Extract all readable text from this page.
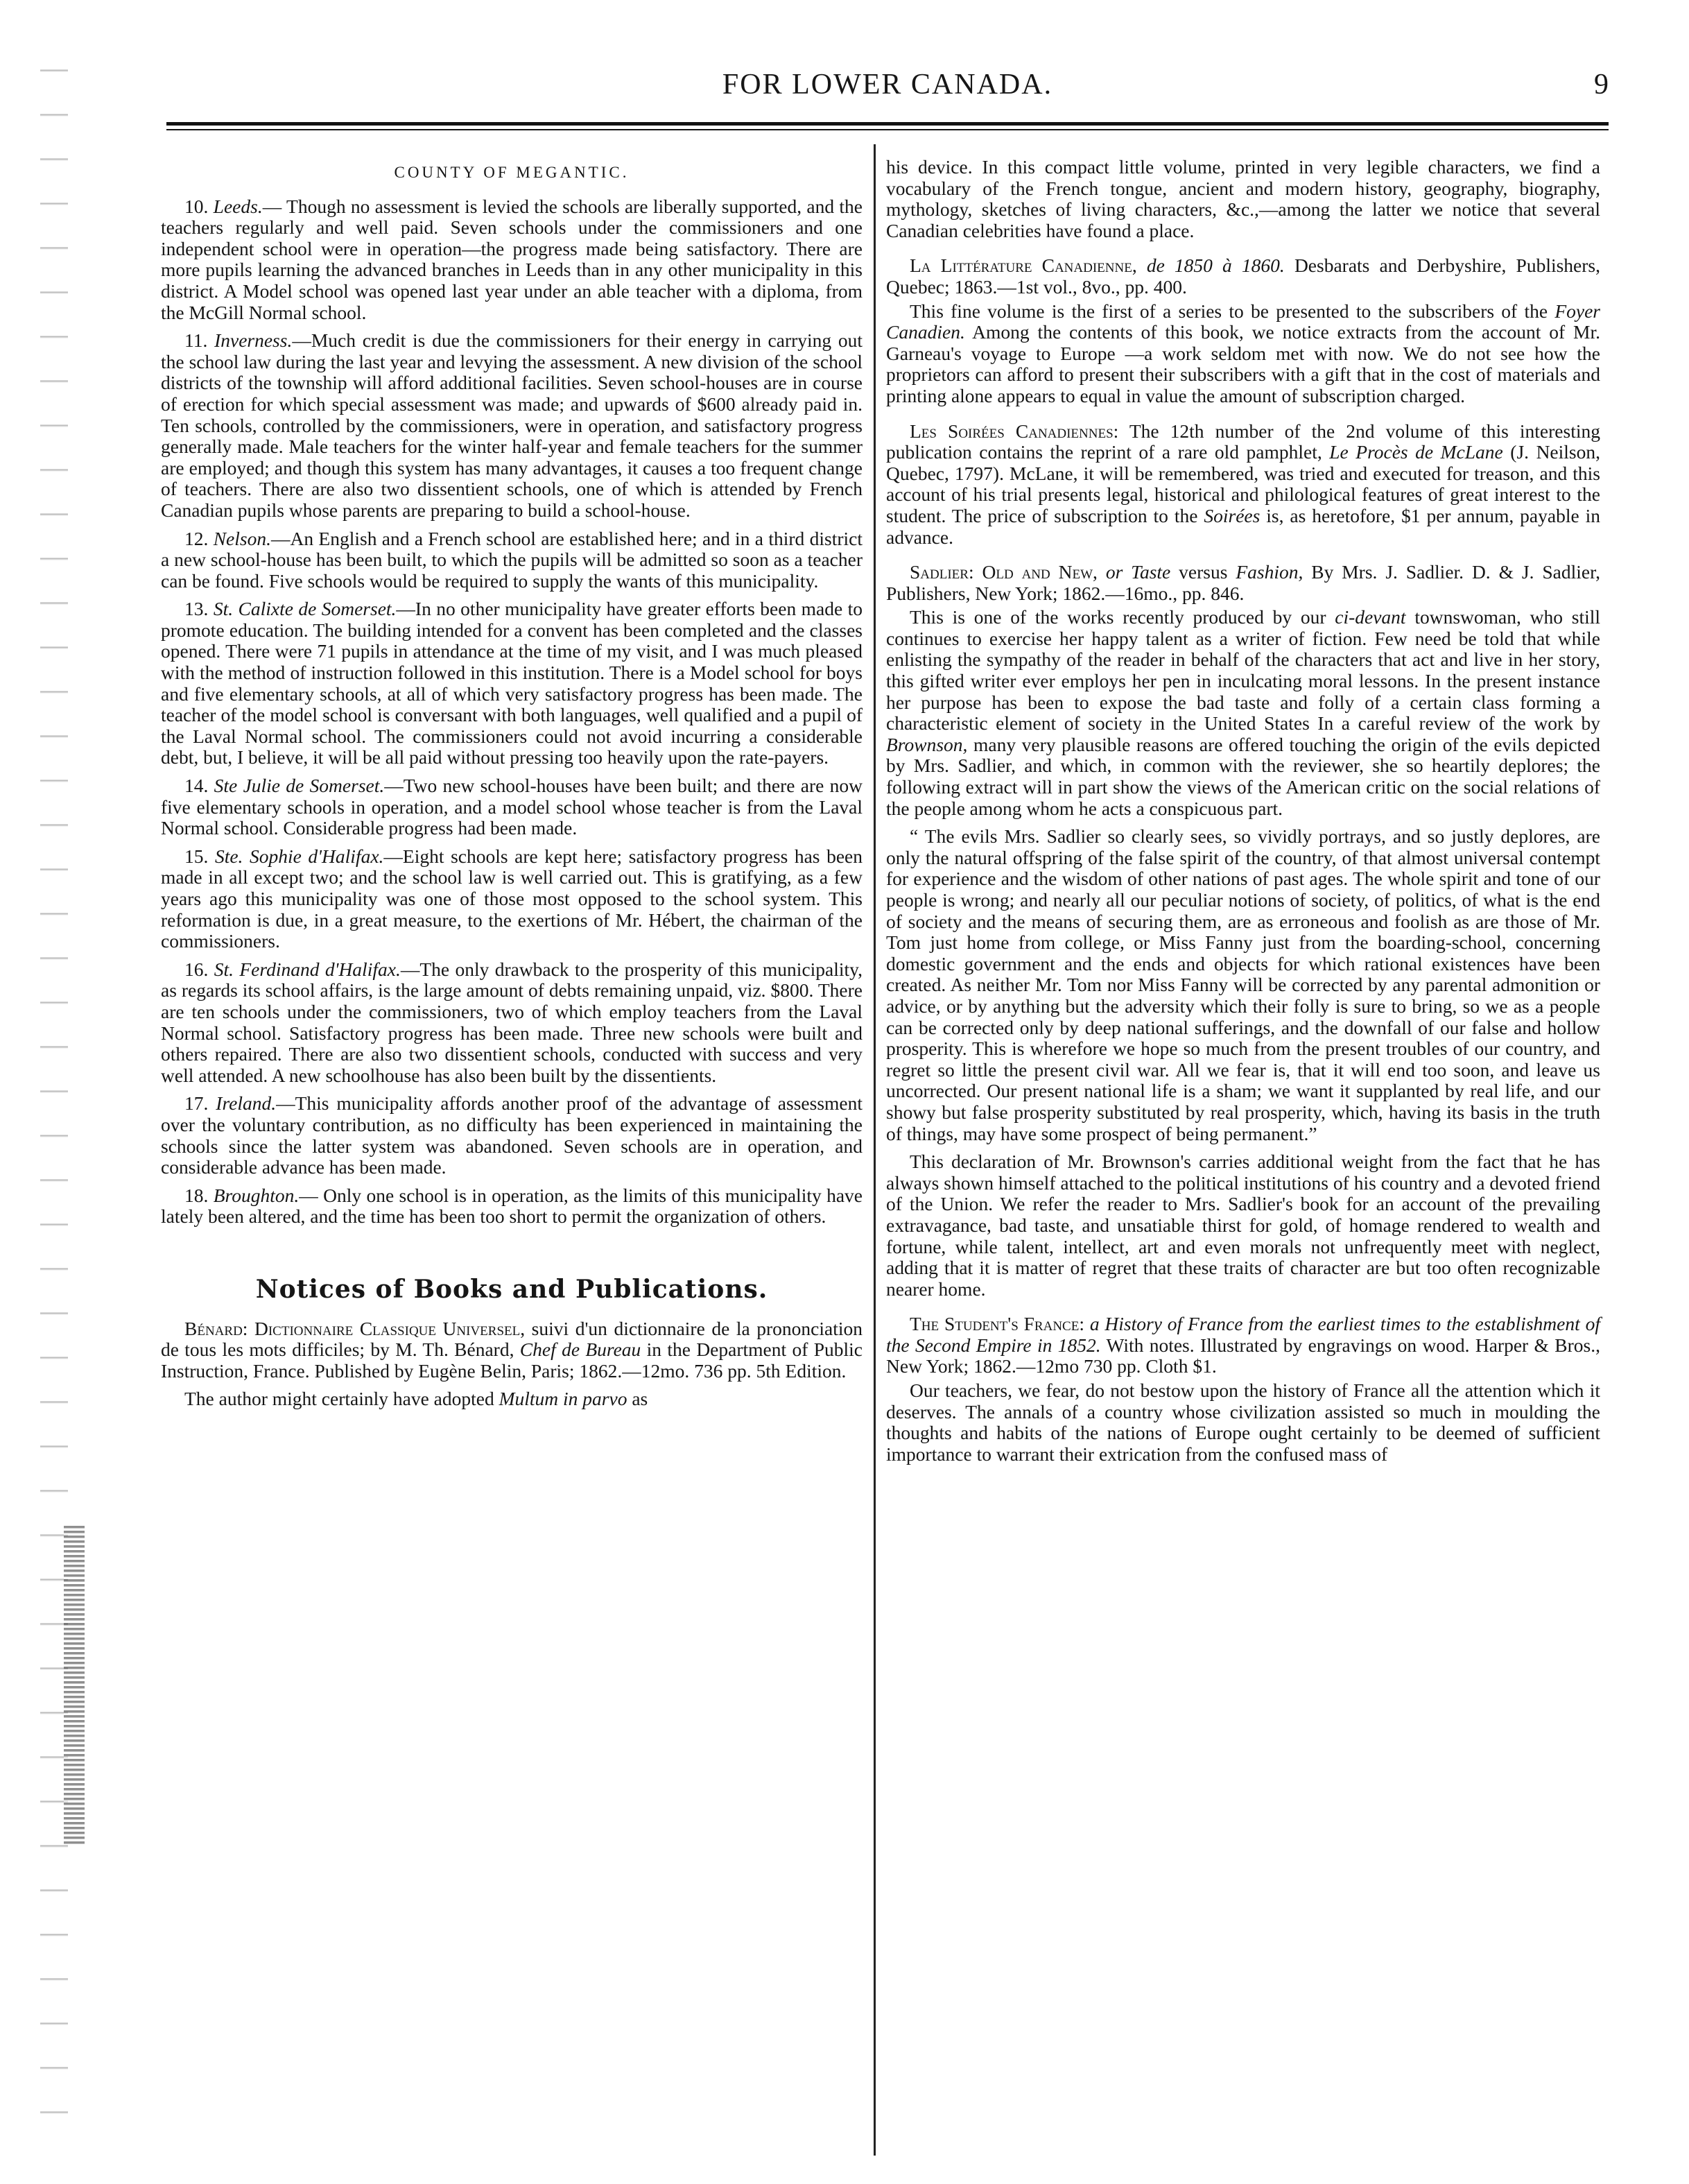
FOR LOWER CANADA.	9
COUNTY OF MEGANTIC.

10. Leeds.— Though no assessment is levied the schools are liberally supported, and the teachers regularly and well paid. Seven schools under the commissioners and one independent school were in operation—the progress made being satisfactory. There are more pupils learning the advanced branches in Leeds than in any other municipality in this district. A Model school was opened last year under an able teacher with a diploma, from the McGill Normal school.

11. Inverness.—Much credit is due the commissioners for their energy in carrying out the school law during the last year and levying the assessment. A new division of the school districts of the township will afford additional facilities. Seven school-houses are in course of erection for which special assessment was made; and upwards of $600 already paid in. Ten schools, controlled by the commissioners, were in operation, and satisfactory progress generally made. Male teachers for the winter half-year and female teachers for the summer are employed; and though this system has many advantages, it causes a too frequent change of teachers. There are also two dissentient schools, one of which is attended by French Canadian pupils whose parents are preparing to build a school-house.

12. Nelson.—An English and a French school are established here; and in a third district a new school-house has been built, to which the pupils will be admitted so soon as a teacher can be found. Five schools would be required to supply the wants of this municipality.

13. St. Calixte de Somerset.—In no other municipality have greater efforts been made to promote education. The building intended for a convent has been completed and the classes opened. There were 71 pupils in attendance at the time of my visit, and I was much pleased with the method of instruction followed in this institution. There is a Model school for boys and five elementary schools, at all of which very satisfactory progress has been made. The teacher of the model school is conversant with both languages, well qualified and a pupil of the Laval Normal school. The commissioners could not avoid incurring a considerable debt, but, I believe, it will be all paid without pressing too heavily upon the rate-payers.

14. Ste Julie de Somerset.—Two new school-houses have been built; and there are now five elementary schools in operation, and a model school whose teacher is from the Laval Normal school. Considerable progress had been made.

15. Ste. Sophie d'Halifax.—Eight schools are kept here; satisfactory progress has been made in all except two; and the school law is well carried out. This is gratifying, as a few years ago this municipality was one of those most opposed to the school system. This reformation is due, in a great measure, to the exertions of Mr. Hébert, the chairman of the commissioners.

16. St. Ferdinand d'Halifax.—The only drawback to the prosperity of this municipality, as regards its school affairs, is the large amount of debts remaining unpaid, viz. $800. There are ten schools under the commissioners, two of which employ teachers from the Laval Normal school. Satisfactory progress has been made. Three new schools were built and others repaired. There are also two dissentient schools, conducted with success and very well attended. A new schoolhouse has also been built by the dissentients.

17. Ireland.—This municipality affords another proof of the advantage of assessment over the voluntary contribution, as no difficulty has been experienced in maintaining the schools since the latter system was abandoned. Seven schools are in operation, and considerable advance has been made.

18. Broughton.— Only one school is in operation, as the limits of this municipality have lately been altered, and the time has been too short to permit the organization of others.

Notices of Books and Publications.

Bénard: Dictionnaire Classique Universel, suivi d'un dictionnaire de la prononciation de tous les mots difficiles; by M. Th. Bénard, Chef de Bureau in the Department of Public Instruction, France. Published by Eugène Belin, Paris; 1862.—12mo. 736 pp. 5th Edition.

The author might certainly have adopted Multum in parvo as

his device. In this compact little volume, printed in very legible characters, we find a vocabulary of the French tongue, ancient and modern history, geography, biography, mythology, sketches of living characters, &c.,—among the latter we notice that several Canadian celebrities have found a place.

La Littérature Canadienne, de 1850 à 1860. Desbarats and Derbyshire, Publishers, Quebec; 1863.—1st vol., 8vo., pp. 400.

This fine volume is the first of a series to be presented to the subscribers of the Foyer Canadien. Among the contents of this book, we notice extracts from the account of Mr. Garneau's voyage to Europe —a work seldom met with now. We do not see how the proprietors can afford to present their subscribers with a gift that in the cost of materials and printing alone appears to equal in value the amount of subscription charged.

Les Soirées Canadiennes: The 12th number of the 2nd volume of this interesting publication contains the reprint of a rare old pamphlet, Le Procès de McLane (J. Neilson, Quebec, 1797). McLane, it will be remembered, was tried and executed for treason, and this account of his trial presents legal, historical and philological features of great interest to the student. The price of subscription to the Soirées is, as heretofore, $1 per annum, payable in advance.

Sadlier: Old and New, or Taste versus Fashion, By Mrs. J. Sadlier. D. & J. Sadlier, Publishers, New York; 1862.—16mo., pp. 846.

This is one of the works recently produced by our ci-devant townswoman, who still continues to exercise her happy talent as a writer of fiction. Few need be told that while enlisting the sympathy of the reader in behalf of the characters that act and live in her story, this gifted writer ever employs her pen in inculcating moral lessons. In the present instance her purpose has been to expose the bad taste and folly of a certain class forming a characteristic element of society in the United States In a careful review of the work by Brownson, many very plausible reasons are offered touching the origin of the evils depicted by Mrs. Sadlier, and which, in common with the reviewer, she so heartily deplores; the following extract will in part show the views of the American critic on the social relations of the people among whom he acts a conspicuous part.

“ The evils Mrs. Sadlier so clearly sees, so vividly portrays, and so justly deplores, are only the natural offspring of the false spirit of the country, of that almost universal contempt for experience and the wisdom of other nations of past ages. The whole spirit and tone of our people is wrong; and nearly all our peculiar notions of society, of politics, of what is the end of society and the means of securing them, are as erroneous and foolish as are those of Mr. Tom just home from college, or Miss Fanny just from the boarding-school, concerning domestic government and the ends and objects for which rational existences have been created. As neither Mr. Tom nor Miss Fanny will be corrected by any parental admonition or advice, or by anything but the adversity which their folly is sure to bring, so we as a people can be corrected only by deep national sufferings, and the downfall of our false and hollow prosperity. This is wherefore we hope so much from the present troubles of our country, and regret so little the present civil war. All we fear is, that it will end too soon, and leave us uncorrected. Our present national life is a sham; we want it supplanted by real life, and our showy but false prosperity substituted by real prosperity, which, having its basis in the truth of things, may have some prospect of being permanent.”

This declaration of Mr. Brownson's carries additional weight from the fact that he has always shown himself attached to the political institutions of his country and a devoted friend of the Union. We refer the reader to Mrs. Sadlier's book for an account of the prevailing extravagance, bad taste, and unsatiable thirst for gold, of homage rendered to wealth and fortune, while talent, intellect, art and even morals not unfrequently meet with neglect, adding that it is matter of regret that these traits of character are but too often recognizable nearer home.

The Student's France: a History of France from the earliest times to the establishment of the Second Empire in 1852. With notes. Illustrated by engravings on wood. Harper & Bros., New York; 1862.—12mo 730 pp. Cloth $1.

Our teachers, we fear, do not bestow upon the history of France all the attention which it deserves. The annals of a country whose civilization assisted so much in moulding the thoughts and habits of the nations of Europe ought certainly to be deemed of sufficient importance to warrant their extrication from the confused mass of
